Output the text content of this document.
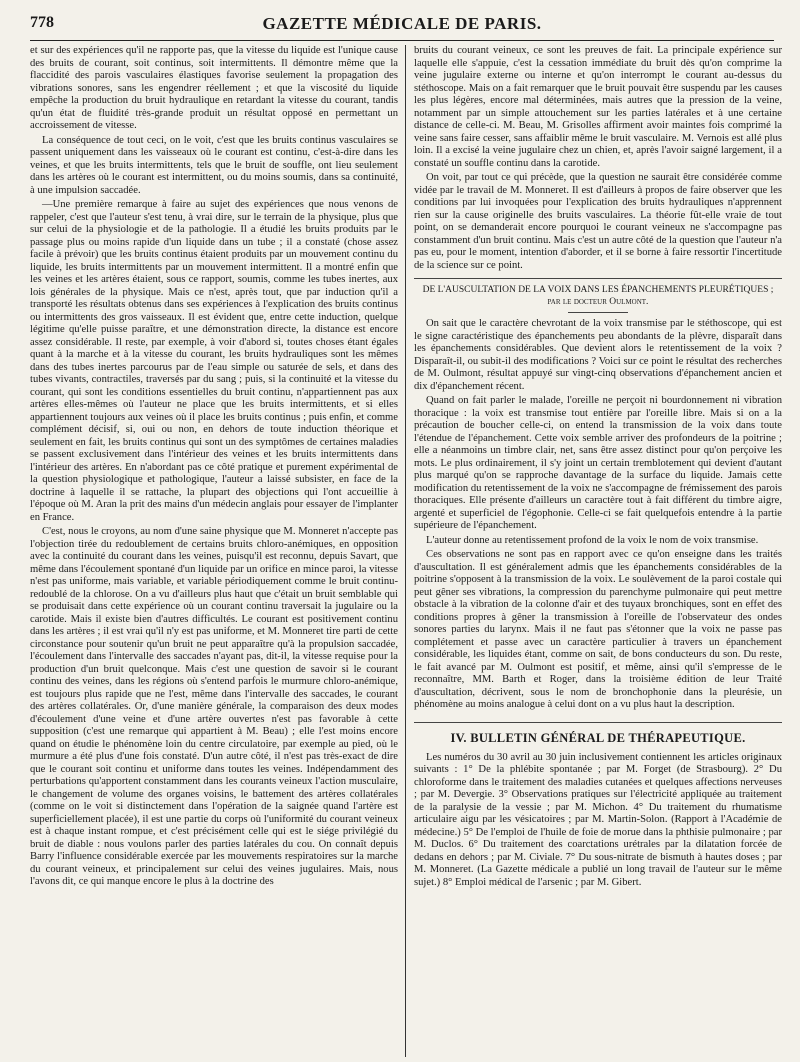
778	GAZETTE MÉDICALE DE PARIS.

et sur des expériences qu'il ne rapporte pas, que la vitesse du liquide est l'unique cause des bruits de courant, soit continus, soit intermittents. Il démontre même que la flaccidité des parois vasculaires élastiques favorise seulement la propagation des vibrations sonores, sans les engendrer réellement ; et que la viscosité du liquide empêche la production du bruit hydraulique en retardant la vitesse du courant, tandis qu'un état de fluidité très-grande produit un résultat opposé en permettant un accroissement de vitesse.

La conséquence de tout ceci, on le voit, c'est que les bruits continus vasculaires se passent uniquement dans les vaisseaux où le courant est continu, c'est-à-dire dans les veines, et que les bruits intermittents, tels que le bruit de souffle, ont lieu seulement dans les artères où le courant est intermittent, ou du moins soumis, dans sa continuité, à une impulsion saccadée.

—Une première remarque à faire au sujet des expériences que nous venons de rappeler, c'est que l'auteur s'est tenu, à vrai dire, sur le terrain de la physique, plus que sur celui de la physiologie et de la pathologie. Il a étudié les bruits produits par le passage plus ou moins rapide d'un liquide dans un tube ; il a constaté (chose assez facile à prévoir) que les bruits continus étaient produits par un mouvement continu du liquide, les bruits intermittents par un mouvement intermittent. Il a montré enfin que les veines et les artères étaient, sous ce rapport, soumis, comme les tubes inertes, aux lois générales de la physique. Mais ce n'est, après tout, que par induction qu'il a transporté les résultats obtenus dans ses expériences à l'explication des bruits continus ou intermittents des gros vaisseaux. Il est évident que, entre cette induction, quelque légitime qu'elle puisse paraître, et une démonstration directe, la distance est encore assez considérable. Il reste, par exemple, à voir d'abord si, toutes choses étant égales quant à la marche et à la vitesse du courant, les bruits hydrauliques sont les mêmes dans des tubes inertes parcourus par de l'eau simple ou saturée de sels, et dans des tubes vivants, contractiles, traversés par du sang ; puis, si la continuité et la vitesse du courant, qui sont les conditions essentielles du bruit continu, n'appartiennent pas aux artères elles-mêmes où l'auteur ne place que les bruits intermittents, et si elles appartiennent toujours aux veines où il place les bruits continus ; puis enfin, et comme complément décisif, si, oui ou non, en dehors de toute induction théorique et seulement en fait, les bruits continus qui sont un des symptômes de certaines maladies se passent exclusivement dans l'intérieur des veines et les bruits intermittents dans l'intérieur des artères. En n'abordant pas ce côté pratique et purement expérimental de la question physiologique et pathologique, l'auteur a laissé subsister, en face de la doctrine à laquelle il se rattache, la plupart des objections qui l'ont accueillie à l'époque où M. Aran la prit des mains d'un médecin anglais pour essayer de l'implanter en France.

C'est, nous le croyons, au nom d'une saine physique que M. Monneret n'accepte pas l'objection tirée du redoublement de certains bruits chloro-anémiques, en opposition avec la continuité du courant dans les veines, puisqu'il est reconnu, depuis Savart, que même dans l'écoulement spontané d'un liquide par un orifice en mince paroi, la vitesse n'est pas uniforme, mais variable, et variable périodiquement comme le bruit continu-redoublé de la chlorose. On a vu d'ailleurs plus haut que c'était un bruit semblable qui se produisait dans cette expérience où un courant continu traversait la jugulaire ou la carotide. Mais il existe bien d'autres difficultés. Le courant est positivement continu dans les artères ; il est vrai qu'il n'y est pas uniforme, et M. Monneret tire parti de cette circonstance pour soutenir qu'un bruit ne peut apparaître qu'à la propulsion saccadée, l'écoulement dans l'intervalle des saccades n'ayant pas, dit-il, la vitesse requise pour la production d'un bruit quelconque. Mais c'est une question de savoir si le courant continu des veines, dans les régions où s'entend parfois le murmure chloro-anémique, est toujours plus rapide que ne l'est, même dans l'intervalle des saccades, le courant des artères collatérales. Or, d'une manière générale, la comparaison des deux modes d'écoulement d'une veine et d'une artère ouvertes n'est pas favorable à cette supposition (c'est une remarque qui appartient à M. Beau) ; elle l'est moins encore quand on étudie le phénomène loin du centre circulatoire, par exemple au pied, où le murmure a été plus d'une fois constaté. D'un autre côté, il n'est pas très-exact de dire que le courant soit continu et uniforme dans toutes les veines. Indépendamment des perturbations qu'apportent constamment dans les courants veineux l'action musculaire, le changement de volume des organes voisins, le battement des artères collatérales (comme on le voit si distinctement dans l'opération de la saignée quand l'artère est superficiellement placée), il est une partie du corps où l'uniformité du courant veineux est à chaque instant rompue, et c'est précisément celle qui est le siége privilégié du bruit de diable : nous voulons parler des parties latérales du cou. On connaît depuis Barry l'influence considérable exercée par les mouvements respiratoires sur la marche du courant veineux, et principalement sur celui des veines jugulaires. Mais, nous l'avons dit, ce qui manque encore le plus à la doctrine des

bruits du courant veineux, ce sont les preuves de fait. La principale expérience sur laquelle elle s'appuie, c'est la cessation immédiate du bruit dès qu'on comprime la veine jugulaire externe ou interne et qu'on interrompt le courant au-dessus du stéthoscope. Mais on a fait remarquer que le bruit pouvait être suspendu par les causes les plus légères, encore mal déterminées, mais autres que la pression de la veine, notamment par un simple attouchement sur les parties latérales et à une certaine distance de celle-ci. M. Beau, M. Grisolles affirment avoir maintes fois comprimé la veine sans faire cesser, sans affaiblir même le bruit vasculaire. M. Vernois est allé plus loin. Il a excisé la veine jugulaire chez un chien, et, après l'avoir saigné largement, il a constaté un souffle continu dans la carotide.

On voit, par tout ce qui précède, que la question ne saurait être considérée comme vidée par le travail de M. Monneret. Il est d'ailleurs à propos de faire observer que les conditions par lui invoquées pour l'explication des bruits hydrauliques n'apprennent rien sur la cause originelle des bruits vasculaires. La théorie fût-elle vraie de tout point, on se demanderait encore pourquoi le courant veineux ne s'accompagne pas constamment d'un bruit continu. Mais c'est un autre côté de la question que l'auteur n'a pas eu, pour le moment, intention d'aborder, et il se borne à faire ressortir l'incertitude de la science sur ce point.

DE L'AUSCULTATION DE LA VOIX DANS LES ÉPANCHEMENTS PLEURÉTIQUES ;
par le docteur Oulmont.

On sait que le caractère chevrotant de la voix transmise par le stéthoscope, qui est le signe caractéristique des épanchements peu abondants de la plèvre, disparaît dans les épanchements considérables. Que devient alors le retentissement de la voix ? Disparaît-il, ou subit-il des modifications ? Voici sur ce point le résultat des recherches de M. Oulmont, résultat appuyé sur vingt-cinq observations d'épanchement ancien et dix d'épanchement récent.

Quand on fait parler le malade, l'oreille ne perçoit ni bourdonnement ni vibration thoracique : la voix est transmise tout entière par l'oreille libre. Mais si on a la précaution de boucher celle-ci, on entend la transmission de la voix dans toute l'étendue de l'épanchement. Cette voix semble arriver des profondeurs de la poitrine ; elle a néanmoins un timbre clair, net, sans être assez distinct pour qu'on perçoive les mots. Le plus ordinairement, il s'y joint un certain tremblotement qui devient d'autant plus marqué qu'on se rapproche davantage de la surface du liquide. Jamais cette modification du retentissement de la voix ne s'accompagne de frémissement des parois thoraciques. Elle présente d'ailleurs un caractère tout à fait différent du timbre aigre, argenté et superficiel de l'égophonie. Celle-ci se fait quelquefois entendre à la partie supérieure de l'épanchement.

L'auteur donne au retentissement profond de la voix le nom de voix transmise.

Ces observations ne sont pas en rapport avec ce qu'on enseigne dans les traités d'auscultation. Il est généralement admis que les épanchements considérables de la poitrine s'opposent à la transmission de la voix. Le soulèvement de la paroi costale qui peut gêner ses vibrations, la compression du parenchyme pulmonaire qui peut mettre obstacle à la vibration de la colonne d'air et des tuyaux bronchiques, sont en effet des conditions propres à gêner la transmission à l'oreille de l'observateur des ondes sonores parties du larynx. Mais il ne faut pas s'étonner que la voix ne passe pas complétement et passe avec un caractère particulier à travers un épanchement considérable, les liquides étant, comme on sait, de bons conducteurs du son. Du reste, le fait avancé par M. Oulmont est positif, et même, ainsi qu'il s'empresse de le reconnaître, MM. Barth et Roger, dans la troisième édition de leur Traité d'auscultation, décrivent, sous le nom de bronchophonie dans la pleurésie, un phénomène au moins analogue à celui dont on a vu plus haut la description.

IV. BULLETIN GÉNÉRAL DE THÉRAPEUTIQUE.

Les numéros du 30 avril au 30 juin inclusivement contiennent les articles originaux suivants : 1° De la phlébite spontanée ; par M. Forget (de Strasbourg). 2° Du chloroforme dans le traitement des maladies cutanées et quelques affections nerveuses ; par M. Devergie. 3° Observations pratiques sur l'électricité appliquée au traitement de la paralysie de la vessie ; par M. Michon. 4° Du traitement du rhumatisme articulaire aigu par les vésicatoires ; par M. Martin-Solon. (Rapport à l'Académie de médecine.) 5° De l'emploi de l'huile de foie de morue dans la phthisie pulmonaire ; par M. Duclos. 6° Du traitement des coarctations urétrales par la dilatation forcée de dedans en dehors ; par M. Civiale. 7° Du sous-nitrate de bismuth à hautes doses ; par M. Monneret. (La Gazette médicale a publié un long travail de l'auteur sur le même sujet.) 8° Emploi médical de l'arsenic ; par M. Gibert.
